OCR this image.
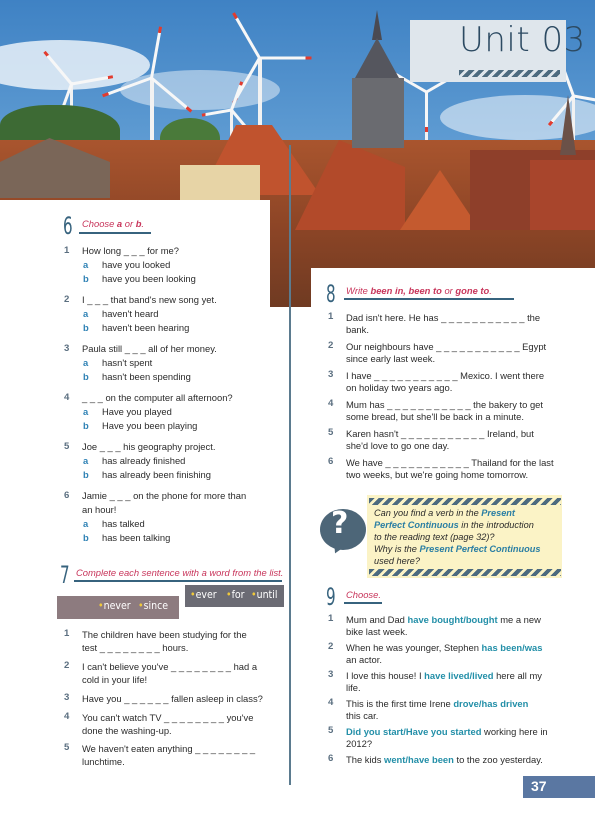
Unit 03
6 Choose a or b.
1 How long _ _ _ for me?
a have you looked
b have you been looking
2 I _ _ _ that band's new song yet.
a haven't heard
b haven't been hearing
3 Paula still _ _ _ all of her money.
a hasn't spent
b hasn't been spending
4 _ _ _ on the computer all afternoon?
a Have you played
b Have you been playing
5 Joe _ _ _ his geography project.
a has already finished
b has already been finishing
6 Jamie _ _ _ on the phone for more than
an hour!
a has talked
b has been talking
7 Complete each sentence with a word from the list.
•ever •for •until
•never •since
1 The children have been studying for the
test _ _ _ _ _ _ _ _ hours.
2 I can't believe you've _ _ _ _ _ _ _ _ had a
cold in your life!
3 Have you _ _ _ _ _ _ fallen asleep in class?
4 You can't watch TV _ _ _ _ _ _ _ _ you've
done the washing-up.
5 We haven't eaten anything _ _ _ _ _ _ _ _
lunchtime.
8 Write been in, been to or gone to.
1 Dad isn't here. He has _ _ _ _ _ _ _ _ _ _ _ the
bank.
2 Our neighbours have _ _ _ _ _ _ _ _ _ _ _ Egypt
since early last week.
3 I have _ _ _ _ _ _ _ _ _ _ _ Mexico. I went there
on holiday two years ago.
4 Mum has _ _ _ _ _ _ _ _ _ _ _ the bakery to get
some bread, but she'll be back in a minute.
5 Karen hasn't _ _ _ _ _ _ _ _ _ _ _ Ireland, but
she'd love to go one day.
6 We have _ _ _ _ _ _ _ _ _ _ _ Thailand for the last
two weeks, but we're going home tomorrow.
?	Can you find a verb in the Present
Perfect Continuous in the introduction
to the reading text (page 32)?
Why is the Present Perfect Continuous
used here?
9 Choose.
1 Mum and Dad have bought/bought me a new
bike last week.
2 When he was younger, Stephen has been/was
an actor.
3 I love this house! I have lived/lived here all my
life.
4 This is the first time Irene drove/has driven
this car.
5 Did you start/Have you started working here in
2012?
6 The kids went/have been to the zoo yesterday.
37
